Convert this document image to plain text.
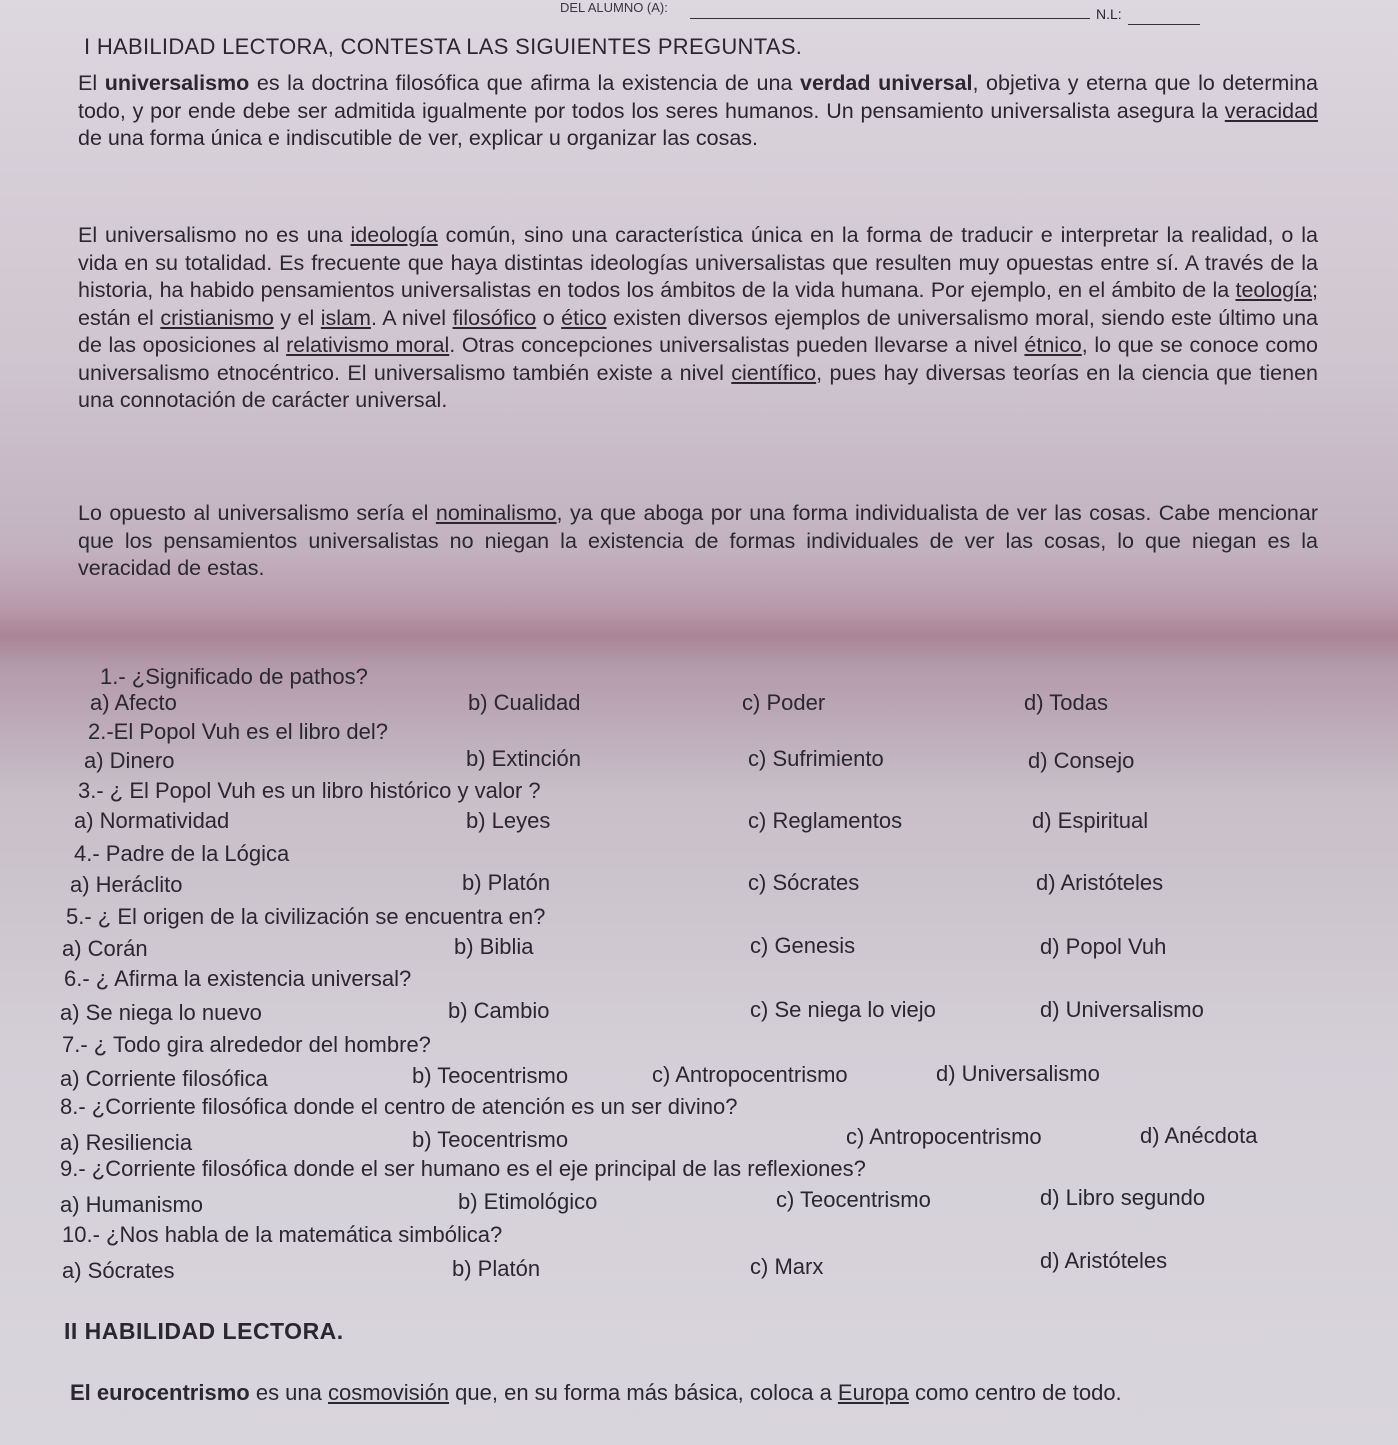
DEL ALUMNO (A):	N.L:
I HABILIDAD LECTORA, CONTESTA LAS SIGUIENTES PREGUNTAS.
El universalismo es la doctrina filosófica que afirma la existencia de una verdad universal, objetiva y eterna que lo determina todo, y por ende debe ser admitida igualmente por todos los seres humanos. Un pensamiento universalista asegura la veracidad de una forma única e indiscutible de ver, explicar u organizar las cosas.
El universalismo no es una ideología común, sino una característica única en la forma de traducir e interpretar la realidad, o la vida en su totalidad. Es frecuente que haya distintas ideologías universalistas que resulten muy opuestas entre sí. A través de la historia, ha habido pensamientos universalistas en todos los ámbitos de la vida humana. Por ejemplo, en el ámbito de la teología; están el cristianismo y el islam. A nivel filosófico o ético existen diversos ejemplos de universalismo moral, siendo este último una de las oposiciones al relativismo moral. Otras concepciones universalistas pueden llevarse a nivel étnico, lo que se conoce como universalismo etnocéntrico. El universalismo también existe a nivel científico, pues hay diversas teorías en la ciencia que tienen una connotación de carácter universal.
Lo opuesto al universalismo sería el nominalismo, ya que aboga por una forma individualista de ver las cosas. Cabe mencionar que los pensamientos universalistas no niegan la existencia de formas individuales de ver las cosas, lo que niegan es la veracidad de estas.
1.- ¿Significado de pathos?
a) Afecto	b) Cualidad	c) Poder	d) Todas
2.-El Popol Vuh es el libro del?
a) Dinero	b) Extinción	c) Sufrimiento	d) Consejo
3.- ¿ El Popol Vuh es un libro histórico y valor ?
a) Normatividad	b) Leyes	c) Reglamentos	d) Espiritual
4.- Padre de la Lógica
a) Heráclito	b) Platón	c) Sócrates	d) Aristóteles
5.- ¿ El origen de la civilización se encuentra en?
a) Corán	b) Biblia	c) Genesis	d) Popol Vuh
6.- ¿ Afirma la existencia universal?
a) Se niega lo nuevo	b) Cambio	c) Se niega lo viejo	d) Universalismo
7.- ¿ Todo gira alrededor del hombre?
a) Corriente filosófica	b) Teocentrismo	c) Antropocentrismo	d) Universalismo
8.- ¿Corriente filosófica donde el centro de atención es un ser divino?
a) Resiliencia	b) Teocentrismo	c) Antropocentrismo	d) Anécdota
9.- ¿Corriente filosófica donde el ser humano es el eje principal de las reflexiones?
a) Humanismo	b) Etimológico	c) Teocentrismo	d) Libro segundo
10.- ¿Nos habla de la matemática simbólica?
a) Sócrates	b) Platón	c) Marx	d) Aristóteles
II HABILIDAD LECTORA.
El eurocentrismo es una cosmovisión que, en su forma más básica, coloca a Europa como centro de todo.
